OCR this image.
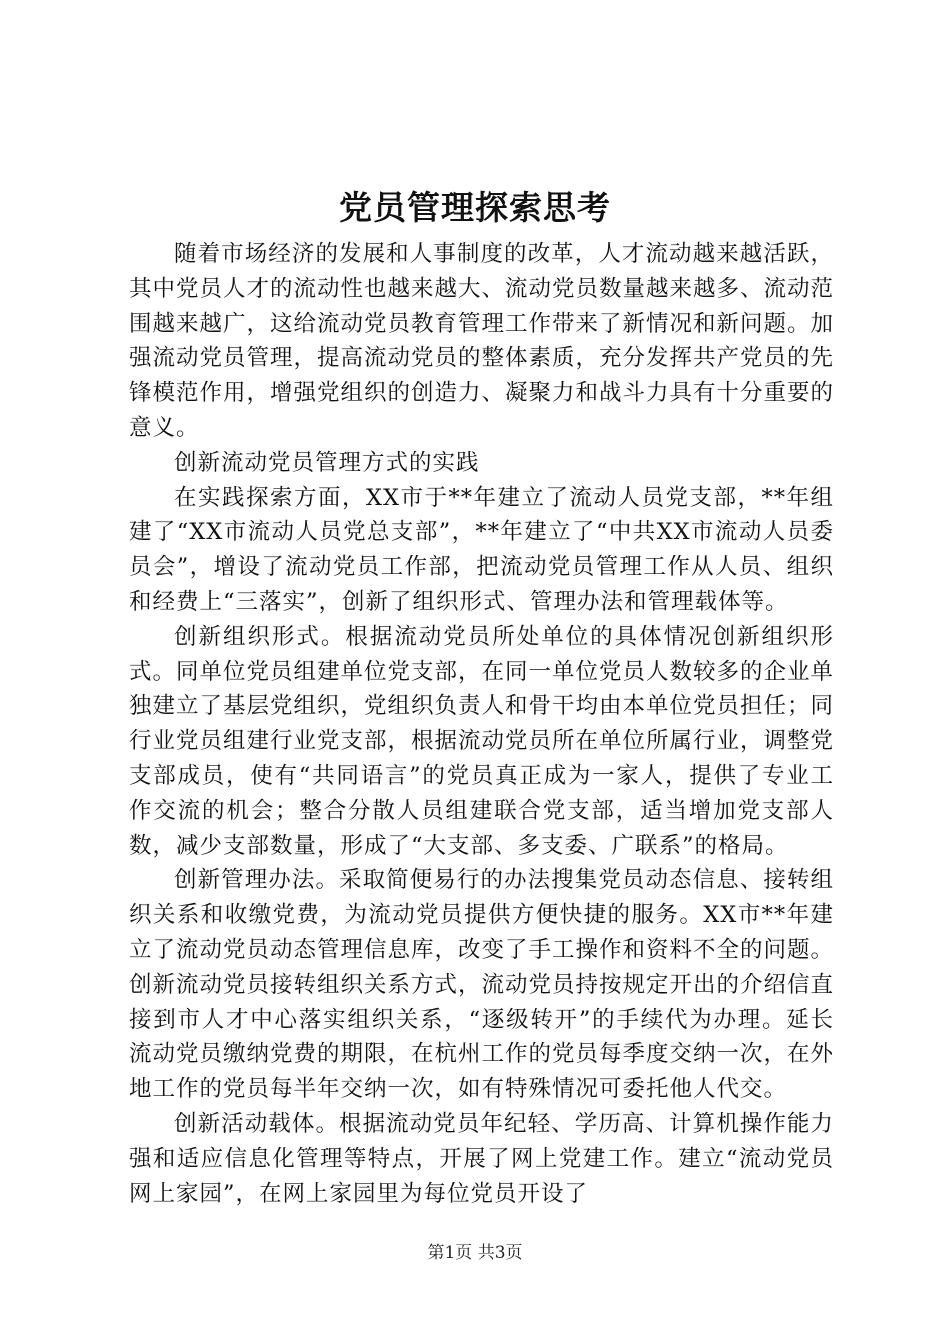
党员管理探索思考

随着市场经济的发展和人事制度的改革，人才流动越来越活跃，其中党员人才的流动性也越来越大、流动党员数量越来越多、流动范围越来越广，这给流动党员教育管理工作带来了新情况和新问题。加强流动党员管理，提高流动党员的整体素质，充分发挥共产党员的先锋模范作用，增强党组织的创造力、凝聚力和战斗力具有十分重要的意义。

创新流动党员管理方式的实践

在实践探索方面，XX市于**年建立了流动人员党支部，**年组建了“XX市流动人员党总支部”，**年建立了“中共XX市流动人员委员会”，增设了流动党员工作部，把流动党员管理工作从人员、组织和经费上“三落实”，创新了组织形式、管理办法和管理载体等。

创新组织形式。根据流动党员所处单位的具体情况创新组织形式。同单位党员组建单位党支部，在同一单位党员人数较多的企业单独建立了基层党组织，党组织负责人和骨干均由本单位党员担任；同行业党员组建行业党支部，根据流动党员所在单位所属行业，调整党支部成员，使有“共同语言”的党员真正成为一家人，提供了专业工作交流的机会；整合分散人员组建联合党支部，适当增加党支部人数，减少支部数量，形成了“大支部、多支委、广联系”的格局。

创新管理办法。采取简便易行的办法搜集党员动态信息、接转组织关系和收缴党费，为流动党员提供方便快捷的服务。XX市**年建立了流动党员动态管理信息库，改变了手工操作和资料不全的问题。创新流动党员接转组织关系方式，流动党员持按规定开出的介绍信直接到市人才中心落实组织关系，“逐级转开”的手续代为办理。延长流动党员缴纳党费的期限，在杭州工作的党员每季度交纳一次，在外地工作的党员每半年交纳一次，如有特殊情况可委托他人代交。

创新活动载体。根据流动党员年纪轻、学历高、计算机操作能力强和适应信息化管理等特点，开展了网上党建工作。建立“流动党员网上家园”，在网上家园里为每位党员开设了

第1页 共3页
